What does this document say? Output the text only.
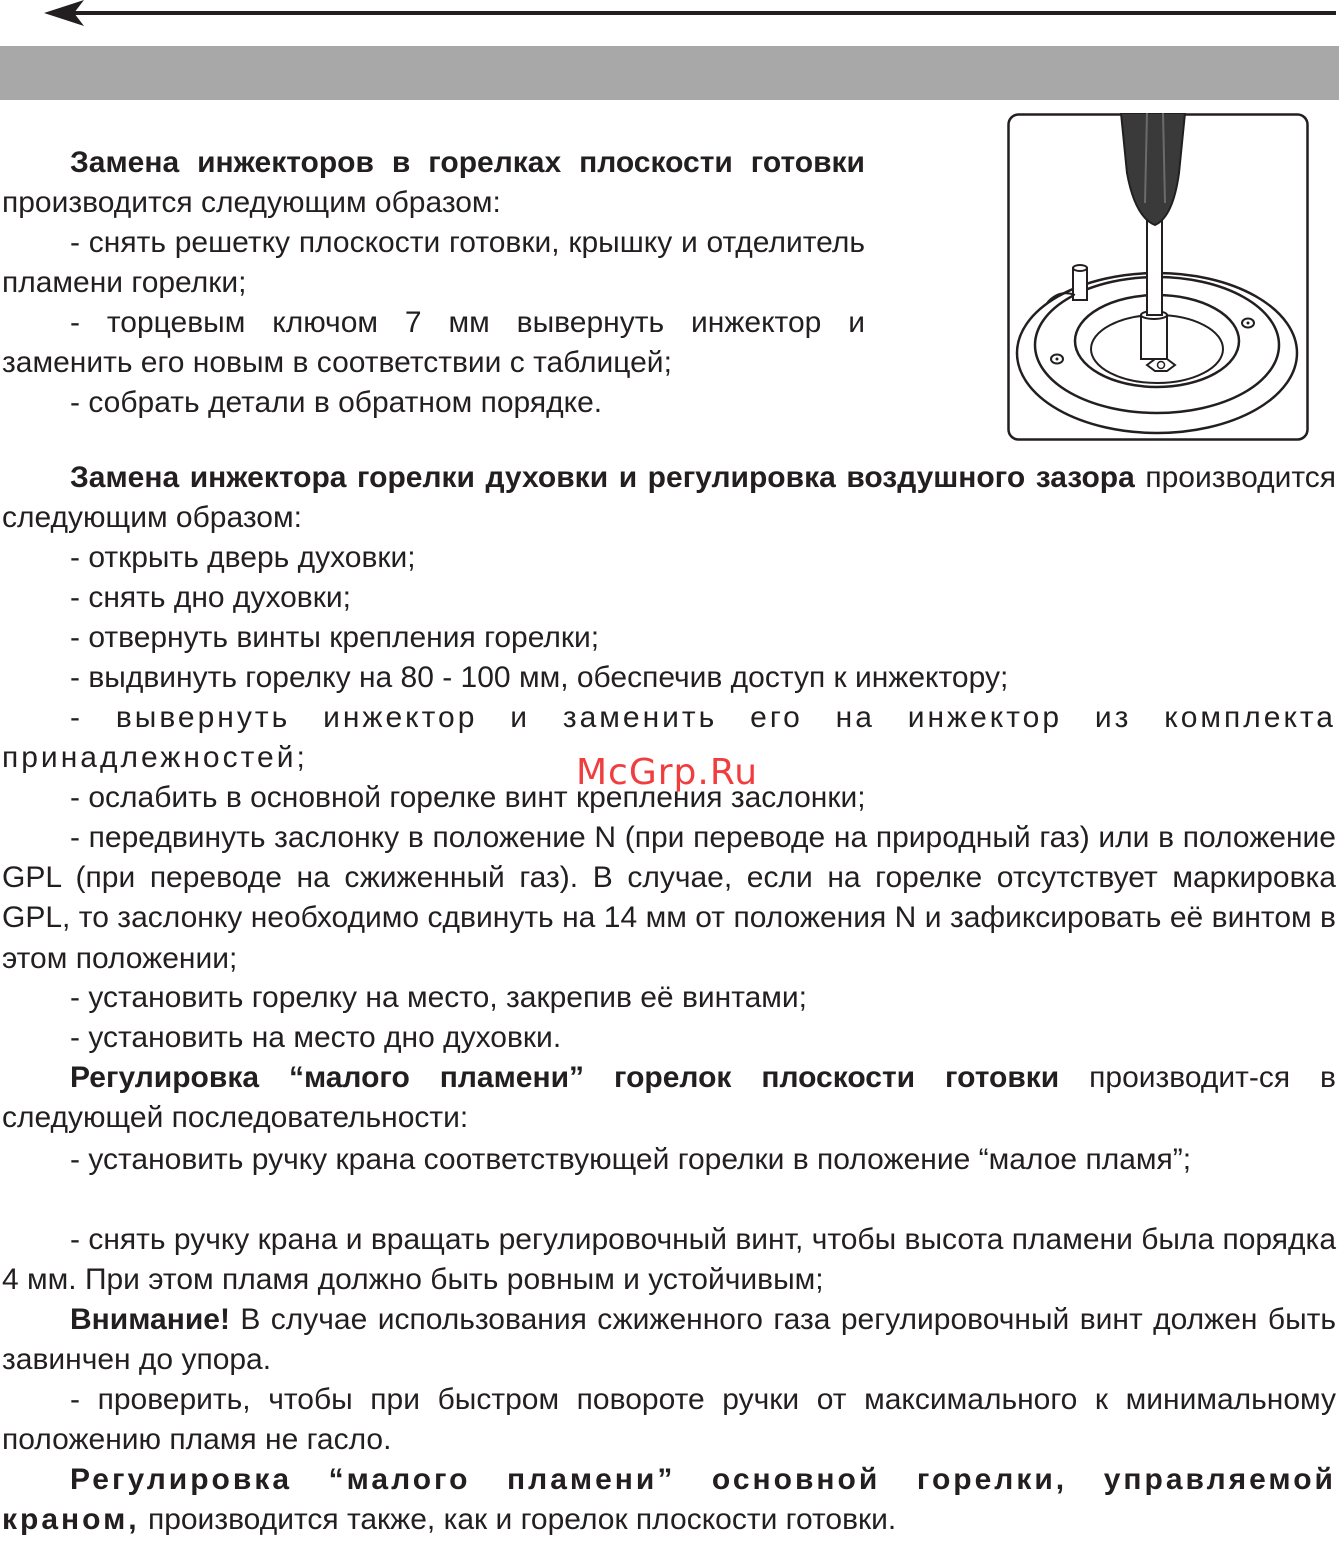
Замена инжекторов в горелках плоскости готовки производится следующим образом:

- снять решетку плоскости готовки, крышку и отделитель пламени горелки;

- торцевым ключом 7 мм вывернуть инжектор и заменить его новым в соответствии с таблицей;

- собрать детали в обратном порядке.

Замена инжектора горелки духовки и регулировка воздушного зазора производится следующим образом:

- открыть дверь духовки;

- снять дно духовки;

- отвернуть винты крепления горелки;

- выдвинуть горелку на 80 - 100 мм, обеспечив доступ к инжектору;

- вывернуть инжектор и заменить его на инжектор из комплекта принадлежностей;

- ослабить в основной горелке винт крепления заслонки;

- передвинуть заслонку в положение N (при переводе на природный газ) или в положение GPL (при переводе на сжиженный газ). В случае, если на горелке отсутствует маркировка GPL, то заслонку необходимо сдвинуть на 14 мм от положения N и зафиксировать её винтом в этом положении;

- установить горелку на место, закрепив её винтами;

- установить на место дно духовки.

Регулировка “малого пламени” горелок плоскости готовки производит-ся в следующей последовательности:

- установить ручку крана соответствующей горелки в положение “малое пламя”;

- снять ручку крана и вращать регулировочный винт, чтобы высота пламени была порядка 4 мм. При этом пламя должно быть ровным и устойчивым;

Внимание! В случае использования сжиженного газа регулировочный винт должен быть завинчен до упора.

- проверить, чтобы при быстром повороте ручки от максимального к минимальному положению пламя не гасло.

Регулировка “малого пламени” основной горелки, управляемой краном, производится также, как и горелок плоскости готовки.

McGrp.Ru
